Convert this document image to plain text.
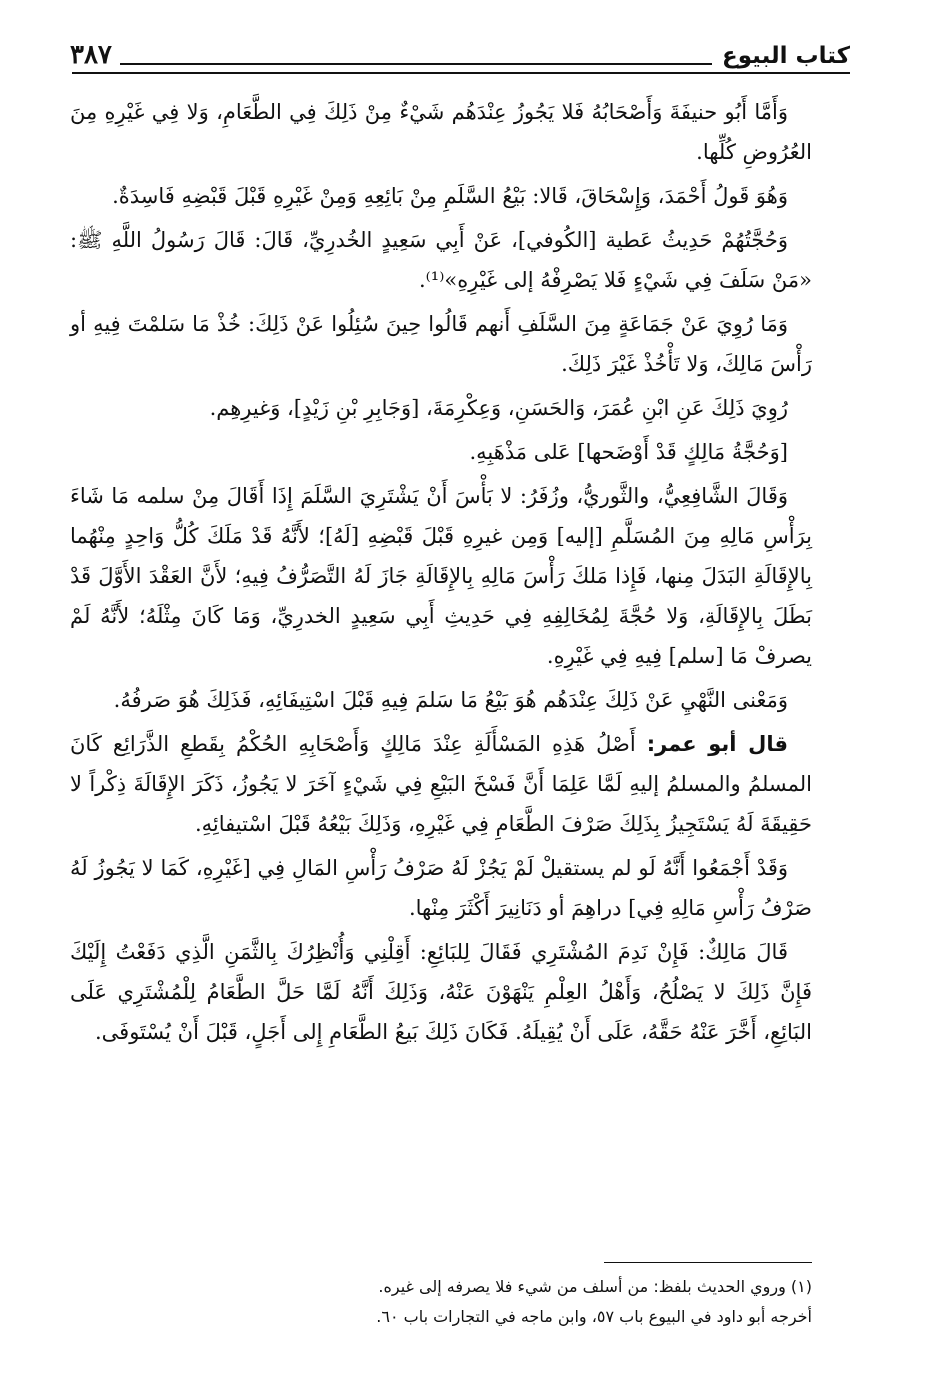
كتاب البيوع
٣٨٧

وَأَمَّا أَبُو حنيفَةَ وَأَصْحَابُهُ فَلا يَجُوزُ عِنْدَهُم شَيْءٌ مِنْ ذَلِكَ فِي الطَّعَامِ، وَلا فِي غَيْرِهِ مِنَ العُرُوضِ كُلِّها.

وَهُوَ قَولُ أَحْمَدَ، وَإِسْحَاقَ، قَالا: بَيْعُ السَّلَمِ مِنْ بَائِعِهِ وَمِنْ غَيْرِهِ قَبْلَ قَبْضِهِ فَاسِدَةٌ.

وَحُجَّتُهُمْ حَدِيثُ عَطية [الكُوفي]، عَنْ أَبِي سَعِيدٍ الخُدرِيِّ، قَالَ: قَالَ رَسُولُ اللَّهِ ﷺ: «مَنْ سَلَفَ فِي شَيْءٍ فَلا يَصْرِفْهُ إلى غَيْرِهِ»⁽¹⁾.

وَمَا رُوِيَ عَنْ جَمَاعَةٍ مِنَ السَّلَفِ أَنهم قَالُوا حِينَ سُئِلُوا عَنْ ذَلِكَ: خُذْ مَا سَلمْتَ فِيهِ أو رَأْسَ مَالِكَ، وَلا تَأْخُذْ غَيْرَ ذَلِكَ.

رُوِيَ ذَلِكَ عَنِ ابْنِ عُمَرَ، وَالحَسَنِ، وَعِكْرِمَةَ، [وَجَابِرِ بْنِ زَيْدٍ]، وَغيرِهِم.

[وَحُجَّةُ مَالِكٍ قَدْ أَوْضَحها] عَلى مَذْهَبِهِ.

وَقَالَ الشَّافِعِيُّ، والثَّوريُّ، وزُفَرُ: لا بَأْسَ أَنْ يَشْتَرِيَ السَّلَمَ إِذَا أَقَالَ مِنْ سلمه مَا شَاءَ بِرَأْسِ مَالِهِ مِنَ المُسَلَّمِ [إليه] وَمِن غيرِهِ قَبْلَ قَبْضِهِ [لَهُ]؛ لأَنَّهُ قَدْ مَلَكَ كُلُّ وَاحِدٍ مِنْهُما بِالإِقَالَةِ البَدَلَ مِنها، فَإِذا مَلكَ رَأْسَ مَالِهِ بِالإِقَالَةِ جَازَ لَهُ التَّصَرُّفُ فِيهِ؛ لأَنَّ العَقْدَ الأَوَّلَ قَدْ بَطَلَ بِالإِقَالَةِ، وَلا حُجَّةَ لِمُخَالِفِهِ فِي حَدِيثِ أَبِي سَعِيدٍ الخدرِيِّ، وَمَا كَانَ مِثْلَهُ؛ لأَنَّهُ لَمْ يصرفْ مَا [سلم] فِيهِ فِي غَيْرِهِ.

وَمَعْنى النَّهْيِ عَنْ ذَلِكَ عِنْدَهُم هُوَ بَيْعُ مَا سَلمَ فِيهِ قَبْلَ اسْتِيفَائِهِ، فَذَلِكَ هُوَ صَرفُهُ.

قال أبو عمر: أَصْلُ هَذِهِ المَسْأَلَةِ عِنْدَ مَالِكٍ وَأَصْحَابِهِ الحُكْمُ بِقَطعِ الذَّرَائِع كَانَ المسلمُ والمسلمُ إليهِ لَمَّا عَلِمَا أَنَّ فَسْخَ البَيْعِ فِي شَيْءٍ آخَرَ لا يَجُوزُ، ذَكَرَ الإِقَالَةَ ذِكْراً لا حَقِيقَةَ لَهُ يَسْتَجِيزُ بِذَلِكَ صَرْفَ الطَّعَامِ فِي غَيْرِهِ، وَذَلِكَ بَيْعُهُ قَبْلَ اسْتيفائِهِ.

وَقَدْ أَجْمَعُوا أَنَّهُ لَو لم يستقيلْ لَمْ يَجُزْ لَهُ صَرْفُ رَأْسِ المَالِ فِي [غَيْرِهِ، كَمَا لا يَجُوزُ لَهُ صَرْفُ رَأْسِ مَالِهِ فِي] دراهِمَ أو دَنَانِيرَ أَكْثَرَ مِنْها.

قَالَ مَالِكٌ: فَإِنْ نَدِمَ المُشْتَرِي فَقَالَ لِلبَائِعِ: أَقِلْنِي وَأُنْظِرُكَ بِالثَّمَنِ الَّذِي دَفَعْتُ إِلَيْكَ فَإِنَّ ذَلِكَ لا يَصْلُحُ، وَأَهْلُ العِلْمِ يَنْهَوْنَ عَنْهُ، وَذَلِكَ أَنَّهُ لَمَّا حَلَّ الطَّعَامُ لِلْمُشْتَرِي عَلَى البَائِعِ، أَخَّرَ عَنْهُ حَقَّهُ، عَلَى أَنْ يُقِيلَهُ. فَكَانَ ذَلِكَ بَيعُ الطَّعَامِ إِلى أَجَلٍ، قَبْلَ أَنْ يُسْتَوفَى.

(١) وروي الحديث بلفظ: من أسلف من شيء فلا يصرفه إلى غيره.

أخرجه أبو داود في البيوع باب ٥٧، وابن ماجه في التجارات باب ٦٠.
